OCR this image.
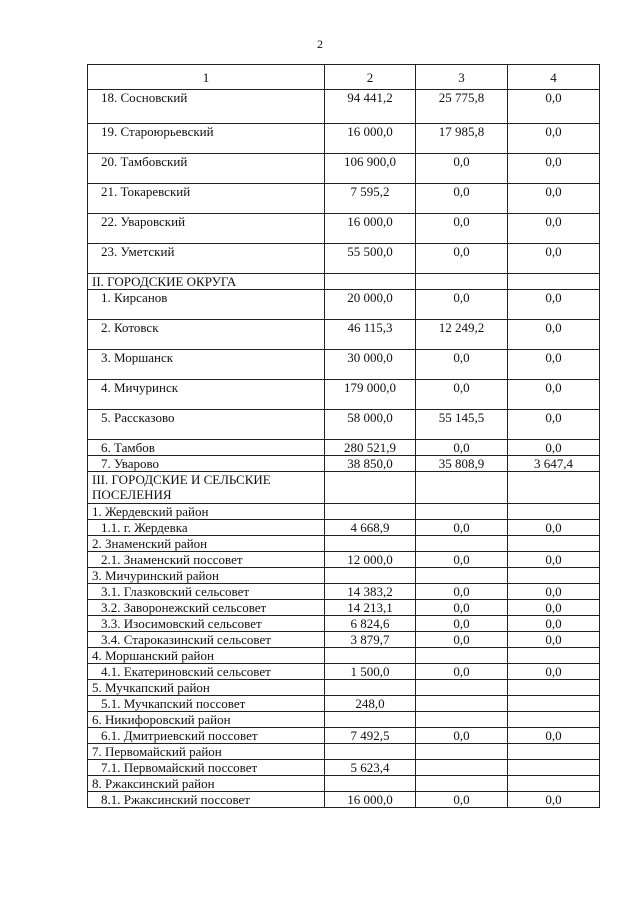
2
1	2	3	4
18. Сосновский	94 441,2	25 775,8	0,0
19. Староюрьевский	16 000,0	17 985,8	0,0
20. Тамбовский	106 900,0	0,0	0,0
21. Токаревский	7 595,2	0,0	0,0
22. Уваровский	16 000,0	0,0	0,0
23. Уметский	55 500,0	0,0	0,0
II. ГОРОДСКИЕ ОКРУГА			
1. Кирсанов	20 000,0	0,0	0,0
2. Котовск	46 115,3	12 249,2	0,0
3. Моршанск	30 000,0	0,0	0,0
4. Мичуринск	179 000,0	0,0	0,0
5. Рассказово	58 000,0	55 145,5	0,0
6. Тамбов	280 521,9	0,0	0,0
7. Уварово	38 850,0	35 808,9	3 647,4
III. ГОРОДСКИЕ И СЕЛЬСКИЕ ПОСЕЛЕНИЯ			
1. Жердевский район			
1.1. г. Жердевка	4 668,9	0,0	0,0
2. Знаменский район			
2.1. Знаменский поссовет	12 000,0	0,0	0,0
3. Мичуринский район			
3.1. Глазковский сельсовет	14 383,2	0,0	0,0
3.2. Заворонежский сельсовет	14 213,1	0,0	0,0
3.3. Изосимовский сельсовет	6 824,6	0,0	0,0
3.4. Староказинский сельсовет	3 879,7	0,0	0,0
4. Моршанский район			
4.1. Екатериновский сельсовет	1 500,0	0,0	0,0
5. Мучкапский район			
5.1. Мучкапский поссовет	248,0		
6. Никифоровский район			
6.1. Дмитриевский поссовет	7 492,5	0,0	0,0
7. Первомайский район			
7.1. Первомайский поссовет	5 623,4		
8. Ржаксинский район			
8.1. Ржаксинский поссовет	16 000,0	0,0	0,0
